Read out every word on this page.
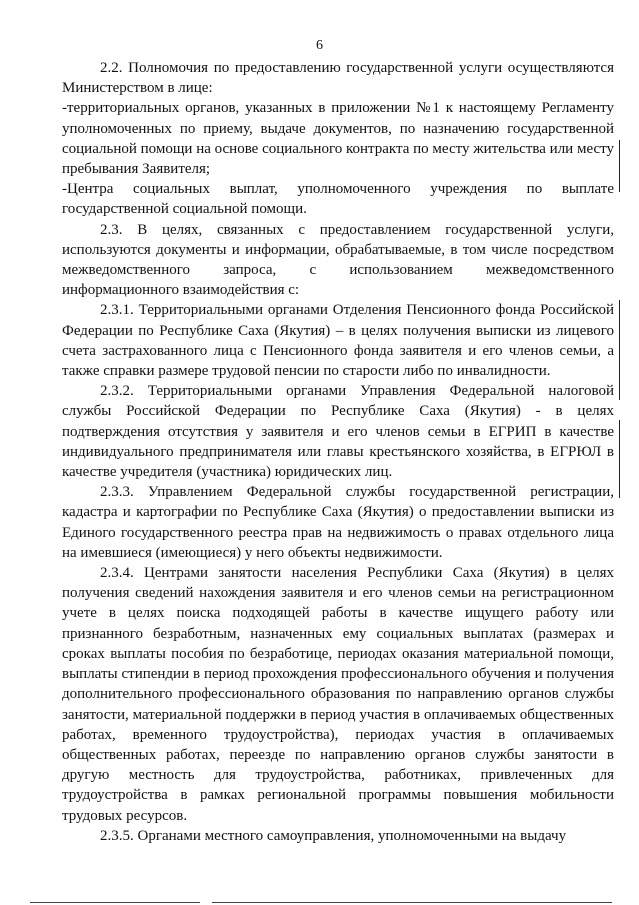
6

2.2. Полномочия по предоставлению государственной услуги осуществляются Министерством в лице:

-территориальных органов, указанных в приложении №1 к настоящему Регламенту уполномоченных по приему, выдаче документов, по назначению государственной социальной помощи на основе социального контракта по месту жительства или месту пребывания Заявителя;

-Центра социальных выплат, уполномоченного учреждения по выплате государственной социальной помощи.

2.3. В целях, связанных с предоставлением государственной услуги, используются документы и информации, обрабатываемые, в том числе посредством межведомственного запроса, с использованием межведомственного информационного взаимодействия с:

2.3.1. Территориальными органами Отделения Пенсионного фонда Российской Федерации по Республике Саха (Якутия) – в целях получения выписки из лицевого счета застрахованного лица с Пенсионного фонда заявителя и его членов семьи, а также справки размере трудовой пенсии по старости либо по инвалидности.

2.3.2. Территориальными органами Управления Федеральной налоговой службы Российской Федерации по Республике Саха (Якутия) - в целях подтверждения отсутствия у заявителя и его членов семьи в ЕГРИП в качестве индивидуального предпринимателя или главы крестьянского хозяйства, в ЕГРЮЛ в качестве учредителя (участника) юридических лиц.

2.3.3. Управлением Федеральной службы государственной регистрации, кадастра и картографии по Республике Саха (Якутия) о предоставлении выписки из Единого государственного реестра прав на недвижимость о правах отдельного лица на имевшиеся (имеющиеся) у него объекты недвижимости.

2.3.4. Центрами занятости населения Республики Саха (Якутия) в целях получения сведений нахождения заявителя и его членов семьи на регистрационном учете в целях поиска подходящей работы в качестве ищущего работу или признанного безработным, назначенных ему социальных выплатах (размерах и сроках выплаты пособия по безработице, периодах оказания материальной помощи, выплаты стипендии в период прохождения профессионального обучения и получения дополнительного профессионального образования по направлению органов службы занятости, материальной поддержки в период участия в оплачиваемых общественных работах, временного трудоустройства), периодах участия в оплачиваемых общественных работах, переезде по направлению органов службы занятости в другую местность для трудоустройства, работниках, привлеченных для трудоустройства в рамках региональной программы повышения мобильности трудовых ресурсов.

2.3.5. Органами местного самоуправления, уполномоченными на выдачу
